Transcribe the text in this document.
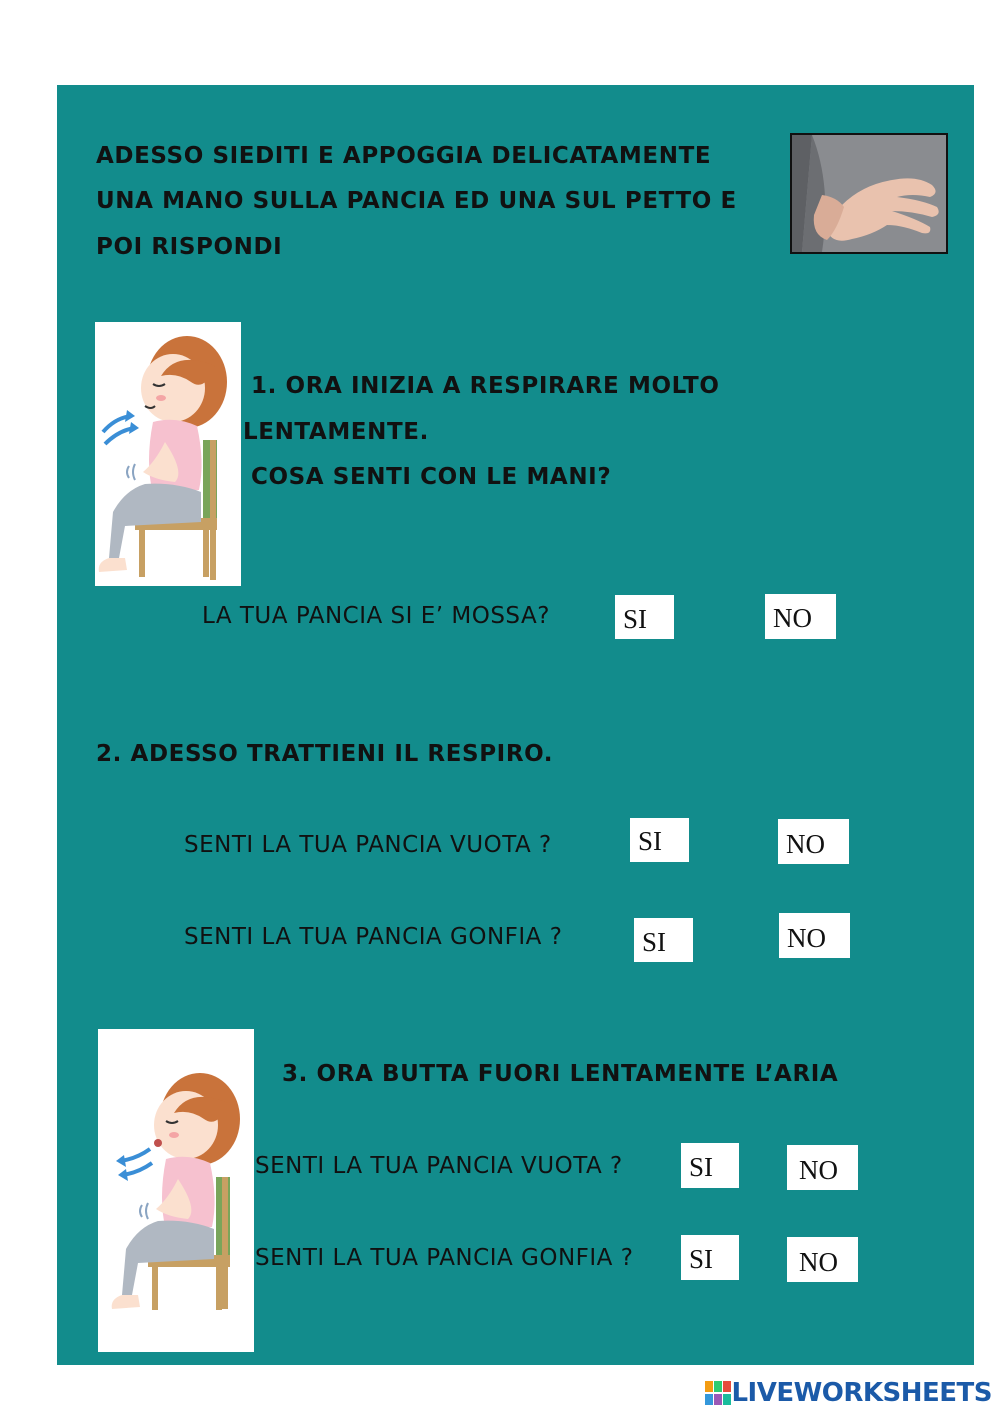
ADESSO SIEDITI E APPOGGIA DELICATAMENTE
UNA MANO SULLA PANCIA ED UNA SUL PETTO E
POI RISPONDI
1. ORA INIZIA A RESPIRARE MOLTO
LENTAMENTE.
COSA SENTI CON LE MANI?
LA TUA PANCIA SI E’ MOSSA?	SI	NO
2. ADESSO TRATTIENI IL RESPIRO.
SENTI LA TUA PANCIA VUOTA ?	SI	NO
SENTI LA TUA PANCIA GONFIA ?	SI	NO
3. ORA BUTTA FUORI LENTAMENTE L’ARIA
SENTI LA TUA PANCIA VUOTA ? SI	NO
SENTI LA TUA PANCIA GONFIA ? SI	NO
LIVEWORKSHEETS
